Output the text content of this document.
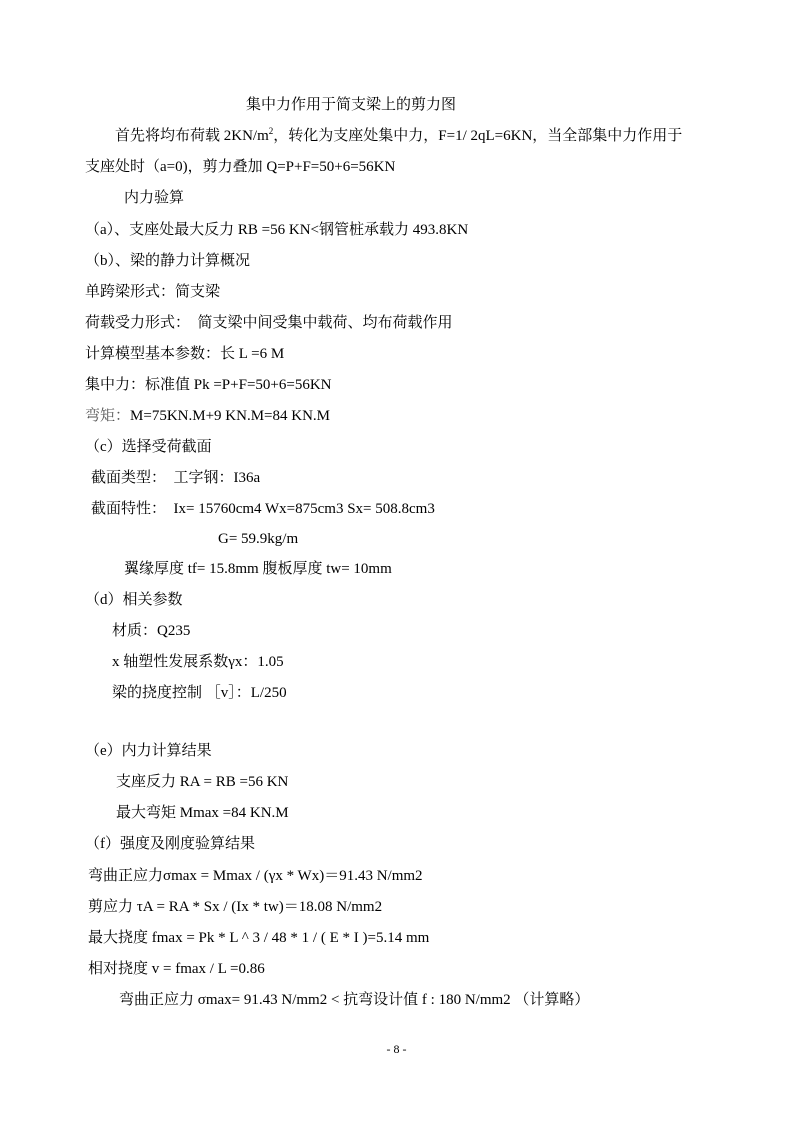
集中力作用于简支梁上的剪力图
首先将均布荷载 $2KN/m^2$，转化为支座处集中力，F=1/ 2qL=6KN，当全部集中力作用于
支座处时（a=0)，剪力叠加 Q=P+F=50+6=56KN
内力验算
（a）、支座处最大反力 RB =56 KN<钢管桩承载力 493.8KN
（b）、梁的静力计算概况
单跨梁形式：简支梁
荷载受力形式：　简支梁中间受集中载荷、均布荷载作用
计算模型基本参数：长 L =6 M
集中力：标准值 Pk =P+F=50+6=56KN
弯矩：M=75KN.M+9 KN.M=84 KN.M
（c）选择受荷截面
截面类型：　工字钢：I36a
截面特性：　Ix= 15760cm4 Wx=875cm3 Sx= 508.8cm3
G= 59.9kg/m
翼缘厚度 tf= 15.8mm 腹板厚度 tw= 10mm
（d）相关参数
材质：Q235
x 轴塑性发展系数γx：1.05
梁的挠度控制 ［v］：L/250
（e）内力计算结果
支座反力 RA = RB =56 KN
最大弯矩 Mmax =84 KN.M
（f）强度及刚度验算结果
弯曲正应力σmax = Mmax / (γx * Wx)＝91.43 N/mm2
剪应力 τA = RA * Sx / (Ix * tw)＝18.08 N/mm2
最大挠度 fmax = Pk * L ^ 3 / 48 * 1 / ( E * I )=5.14 mm
相对挠度 v = fmax / L =0.86
弯曲正应力 σmax= 91.43 N/mm2 < 抗弯设计值 f : 180 N/mm2 （计算略）
- 8 -
